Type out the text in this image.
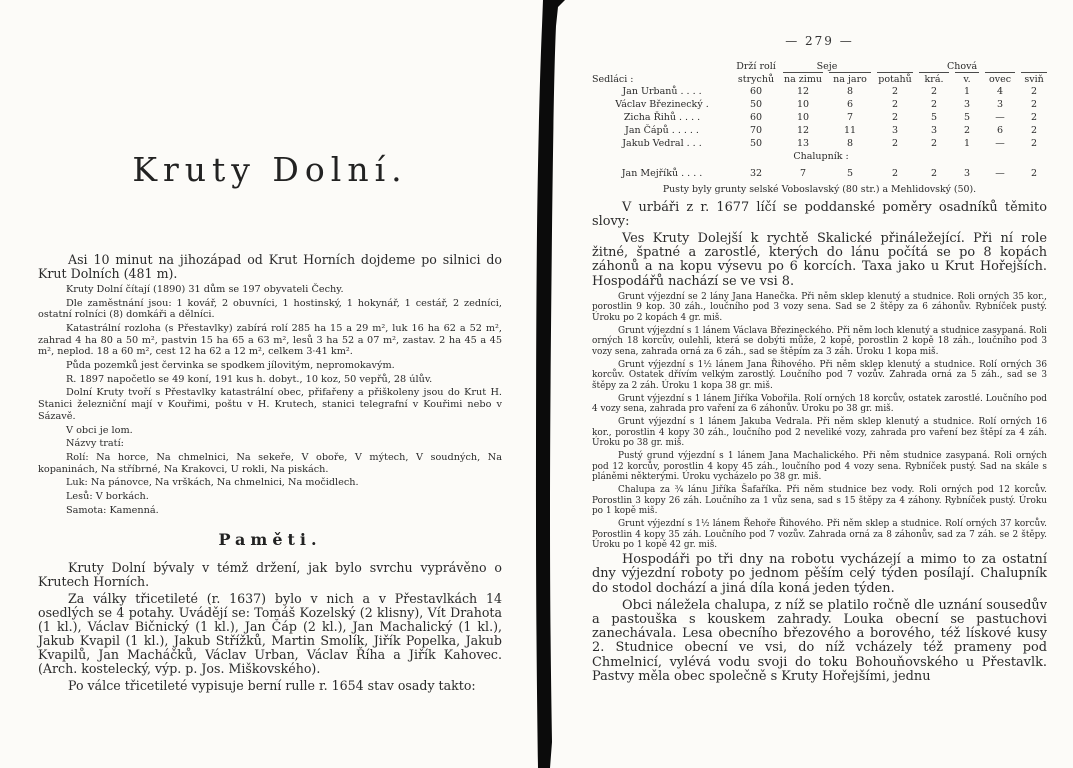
Kruty Dolní.

Asi 10 minut na jihozápad od Krut Horních dojdeme po silnici do Krut Dolních (481 m).

Kruty Dolní čítají (1890) 31 dům se 197 obyvateli Čechy.

Dle zaměstnání jsou: 1 kovář, 2 obuvníci, 1 hostinský, 1 hokynář, 1 cestář, 2 zedníci, ostatní rolníci (8) domkáři a dělníci.

Katastrální rozloha (s Přestavlky) zabírá rolí 285 ha 15 a 29 m², luk 16 ha 62 a 52 m², zahrad 4 ha 80 a 50 m², pastvin 15 ha 65 a 63 m², lesů 3 ha 52 a 07 m², zastav. 2 ha 45 a 45 m², neplod. 18 a 60 m², cest 12 ha 62 a 12 m², celkem 3·41 km².

Půda pozemků jest červinka se spodkem jílovitým, nepromokavým.

R. 1897 napočetlo se 49 koní, 191 kus h. dobyt., 10 koz, 50 vepřů, 28 úlův.

Dolní Kruty tvoří s Přestavlky katastrální obec, přifařeny a přiškoleny jsou do Krut H. Stanici železniční mají v Kouřimi, poštu v H. Krutech, stanici telegrafní v Kouřimi nebo v Sázavě.

V obci je lom.

Názvy tratí:

Rolí: Na horce, Na chmelnici, Na sekeře, V oboře, V mýtech, V soudných, Na kopaninách, Na stříbrné, Na Krakovci, U rokli, Na piskách.

Luk: Na pánovce, Na vrškách, Na chmelnici, Na močidlech.

Lesů: V borkách.

Samota: Kamenná.

Paměti.

Kruty Dolní bývaly v témž držení, jak bylo svrchu vyprávěno o Krutech Horních.

Za války třicetileté (r. 1637) bylo v nich a v Přestavlkách 14 osedlých se 4 potahy. Uvádějí se: Tomáš Kozelský (2 klisny), Vít Drahota (1 kl.), Václav Bičnický (1 kl.), Jan Čáp (2 kl.), Jan Machalický (1 kl.), Jakub Kvapil (1 kl.), Jakub Střížků, Martin Smolík, Jiřík Popelka, Jakub Kvapilů, Jan Macháčků, Václav Urban, Václav Říha a Jiřík Kahovec. (Arch. kostelecký, výp. p. Jos. Miškovského).

Po válce třicetileté vypisuje berní rulle r. 1654 stav osady takto:

— 279 —
	Drží rolí	Seje		Chová				
Sedláci :	strychů	na zimu	na jaro	potahů	krá.	v.	ovec	sviň

Jan Urbanů . . . .	60	12	8	2	2	1	4	2
Václav Březinecký .	50	10	6	2	2	3	3	2
Zicha Řihů . . . .	60	10	7	2	5	5	—	2
Jan Čápů . . . . .	70	12	11	3	3	2	6	2
Jakub Vedral . . .	50	13	8	2	2	1	—	2
Chalupník :								
Jan Mejříků . . . .	32	7	5	2	2	3	—	2

Pusty byly grunty selské Voboslavský (80 str.) a Mehlidovský (50).

V urbáři z r. 1677 líčí se poddanské poměry osadníků těmito slovy:

Ves Kruty Dolejší k rychtě Skalické přináležející. Při ní role žitné, špatné a zarostlé, kterých do lánu počítá se po 8 kopách záhonů a na kopu výsevu po 6 korcích. Taxa jako u Krut Hořejších. Hospodářů nachází se ve vsi 8.

Grunt výjezdní se 2 lány Jana Hanečka. Při něm sklep klenutý a studnice. Roli orných 35 kor., porostlin 9 kop. 30 záh., loučního pod 3 vozy sena. Sad se 2 štěpy za 6 záhonův. Rybníček pustý. Úroku po 2 kopách 4 gr. miš.

Grunt výjezdní s 1 lánem Václava Březineckého. Při něm loch klenutý a studnice zasypaná. Roli orných 18 korcův, oulehli, která se dobýti může, 2 kopě, porostlin 2 kopě 18 záh., loučního pod 3 vozy sena, zahrada orná za 6 záh., sad se štěpím za 3 záh. Úroku 1 kopa miš.

Grunt výjezdní s 1½ lánem Jana Řihového. Při něm sklep klenutý a studnice. Rolí orných 36 korcův. Ostatek dřívím velkým zarostlý. Loučního pod 7 vozův. Zahrada orná za 5 záh., sad se 3 štěpy za 2 záh. Úroku 1 kopa 38 gr. miš.

Grunt výjezdní s 1 lánem Jiříka Vobořila. Rolí orných 18 korcův, ostatek zarostlé. Loučního pod 4 vozy sena, zahrada pro vaření za 6 záhonův. Úroku po 38 gr. miš.

Grunt výjezdní s 1 lánem Jakuba Vedrala. Při něm sklep klenutý a studnice. Rolí orných 16 kor., porostlin 4 kopy 30 záh., loučního pod 2 neveliké vozy, zahrada pro vaření bez štěpí za 4 záh. Úroku po 38 gr. miš.

Pustý grund výjezdní s 1 lánem Jana Machalického. Při něm studnice zasypaná. Roli orných pod 12 korcův, porostlin 4 kopy 45 záh., loučního pod 4 vozy sena. Rybníček pustý. Sad na skále s pláněmi některými. Úroku vycházelo po 38 gr. miš.

Chalupa za ¾ lánu Jiříka Šafaříka. Při něm studnice bez vody. Roli orných pod 12 korcův. Porostlin 3 kopy 26 záh. Loučního za 1 vůz sena, sad s 15 štěpy za 4 záhony. Rybníček pustý. Úroku po 1 kopě miš.

Grunt výjezdní s 1½ lánem Řehoře Řihového. Při něm sklep a studnice. Rolí orných 37 korcův. Porostlin 4 kopy 35 záh. Loučního pod 7 vozův. Zahrada orná za 8 záhonův, sad za 7 záh. se 2 štěpy. Úroku po 1 kopě 42 gr. miš.

Hospodáři po tři dny na robotu vycházejí a mimo to za ostatní dny výjezdní roboty po jednom pěším celý týden posílají. Chalupník do stodol dochází a jiná díla koná jeden týden.

Obci náležela chalupa, z níž se platilo ročně dle uznání sousedův a pastouška s kouskem zahrady. Louka obecní se pastuchovi zanechávala. Lesa obecního březového a borového, též lískové kusy 2. Studnice obecní ve vsi, do níž vcházely též prameny pod Chmelnicí, vylévá vodu svoji do toku Bohouňovského u Přestavlk. Pastvy měla obec společně s Kruty Hořejšími, jednu
